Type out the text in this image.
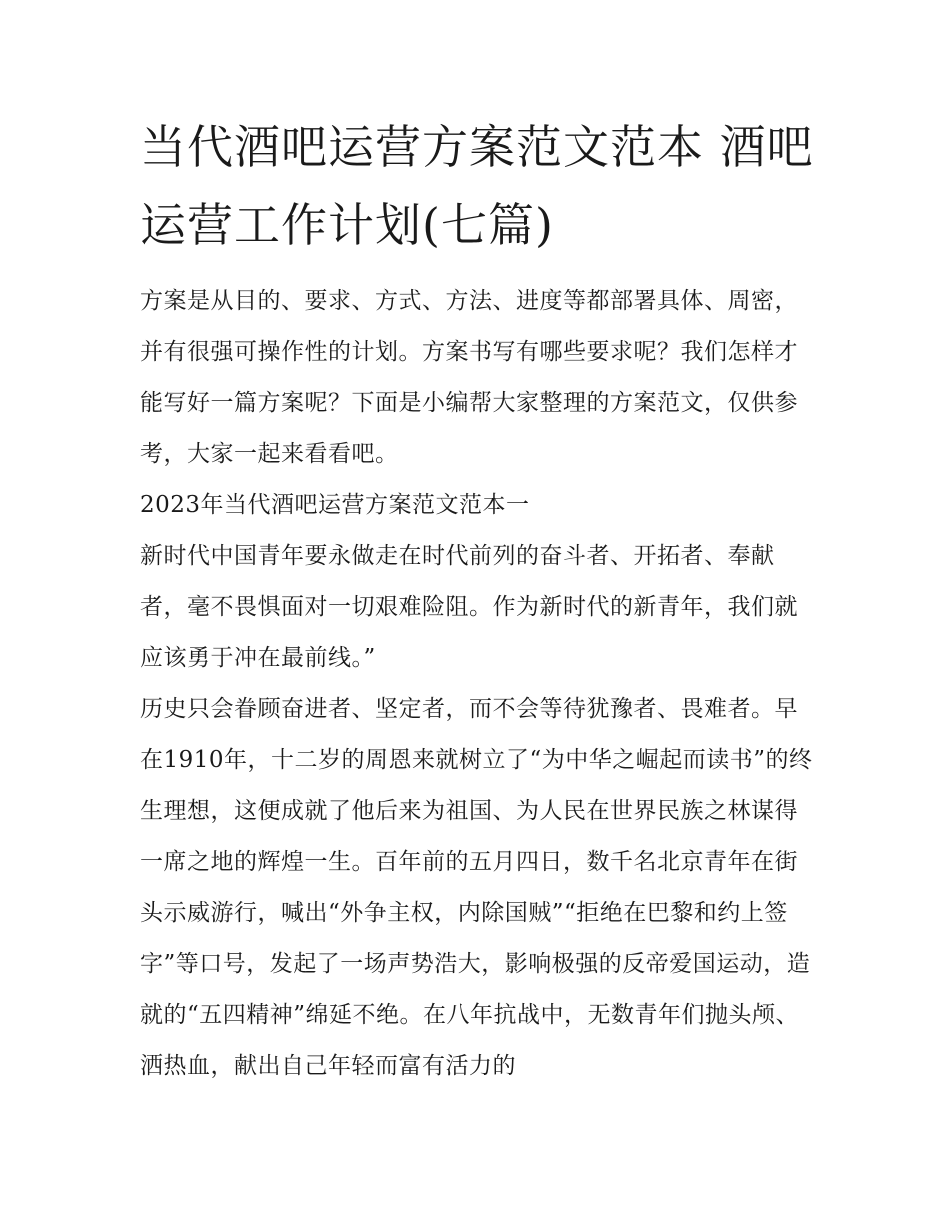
当代酒吧运营方案范文范本 酒吧运营工作计划(七篇)

方案是从目的、要求、方式、方法、进度等都部署具体、周密，并有很强可操作性的计划。方案书写有哪些要求呢？我们怎样才能写好一篇方案呢？下面是小编帮大家整理的方案范文，仅供参考，大家一起来看看吧。

2023年当代酒吧运营方案范文范本一

新时代中国青年要永做走在时代前列的奋斗者、开拓者、奉献者，毫不畏惧面对一切艰难险阻。作为新时代的新青年，我们就应该勇于冲在最前线。”

历史只会眷顾奋进者、坚定者，而不会等待犹豫者、畏难者。早在1910年，十二岁的周恩来就树立了“为中华之崛起而读书”的终生理想，这便成就了他后来为祖国、为人民在世界民族之林谋得一席之地的辉煌一生。百年前的五月四日，数千名北京青年在街头示威游行，喊出“外争主权，内除国贼”“拒绝在巴黎和约上签字”等口号，发起了一场声势浩大，影响极强的反帝爱国运动，造就的“五四精神”绵延不绝。在八年抗战中，无数青年们抛头颅、洒热血，献出自己年轻而富有活力的
